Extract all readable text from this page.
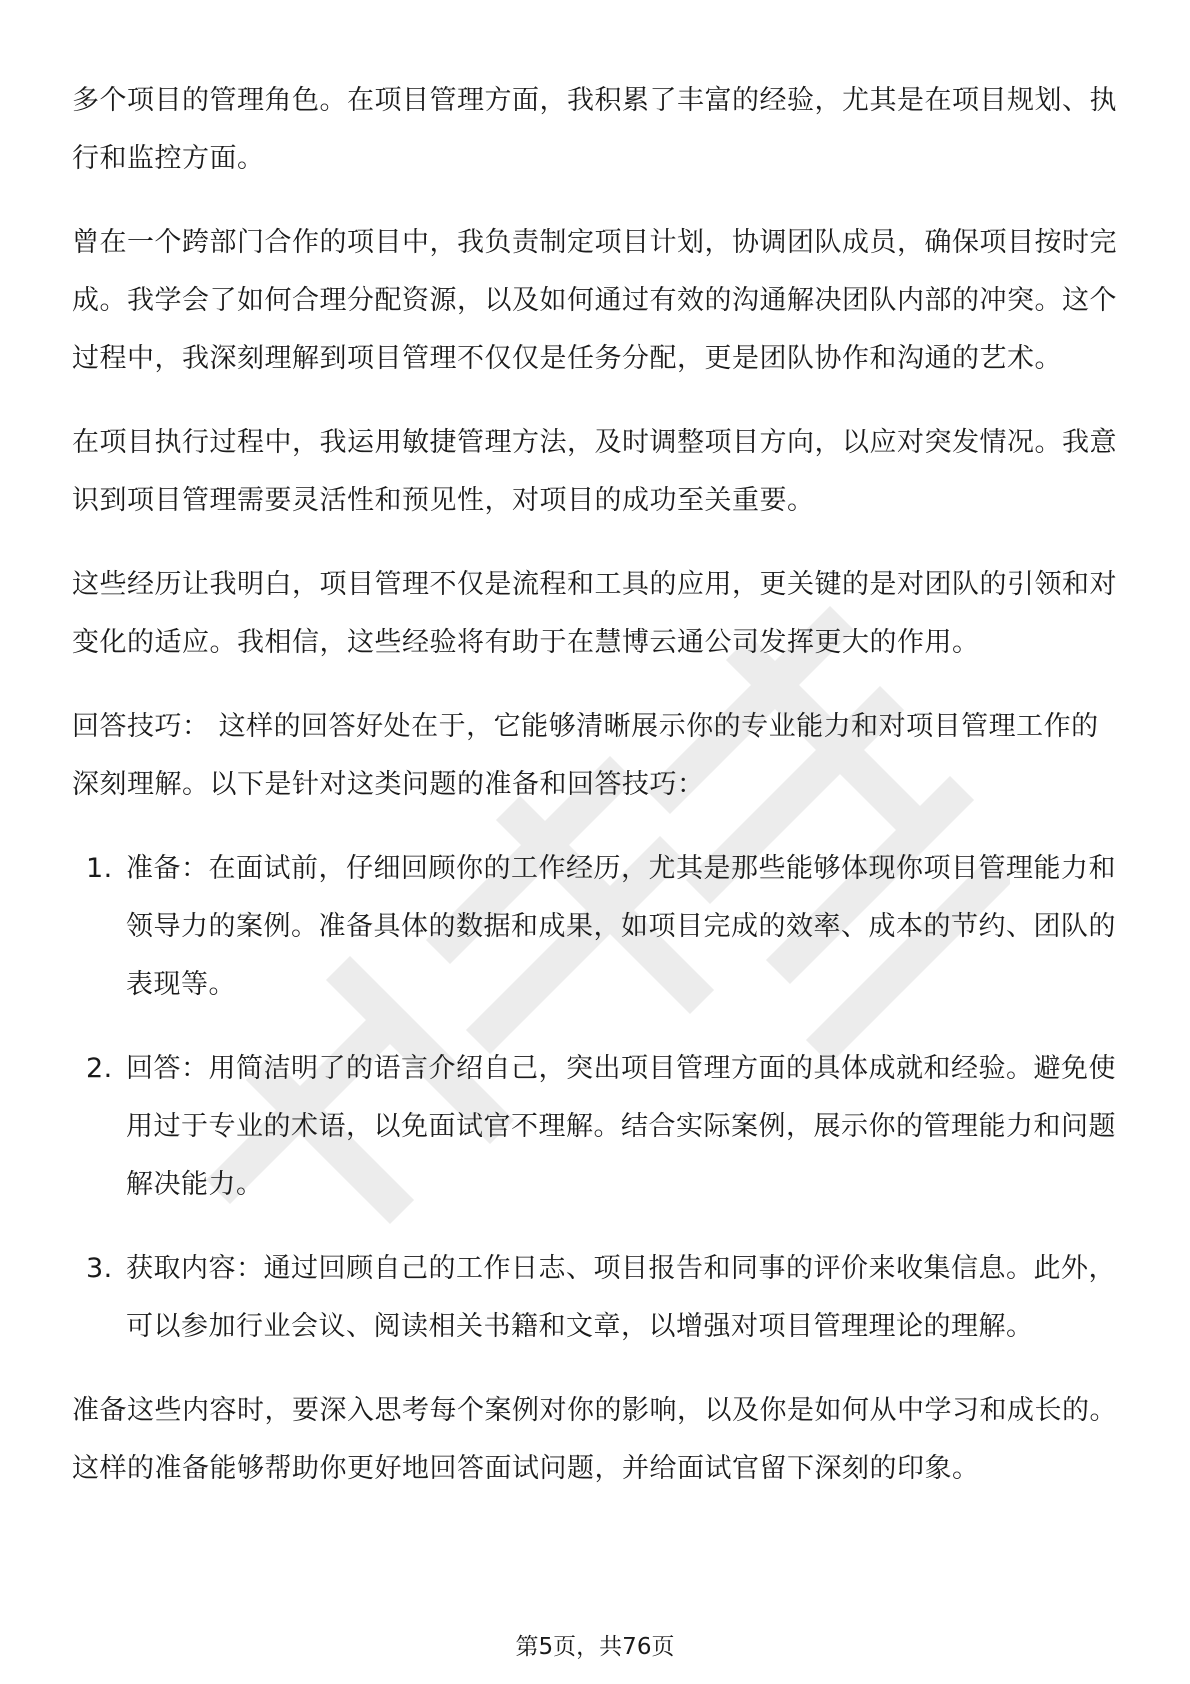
多个项目的管理角色。在项目管理方面，我积累了丰富的经验，尤其是在项目规划、执行和监控方面。

曾在一个跨部门合作的项目中，我负责制定项目计划，协调团队成员，确保项目按时完成。我学会了如何合理分配资源，以及如何通过有效的沟通解决团队内部的冲突。这个过程中，我深刻理解到项目管理不仅仅是任务分配，更是团队协作和沟通的艺术。

在项目执行过程中，我运用敏捷管理方法，及时调整项目方向，以应对突发情况。我意识到项目管理需要灵活性和预见性，对项目的成功至关重要。

这些经历让我明白，项目管理不仅是流程和工具的应用，更关键的是对团队的引领和对变化的适应。我相信，这些经验将有助于在慧博云通公司发挥更大的作用。

回答技巧： 这样的回答好处在于，它能够清晰展示你的专业能力和对项目管理工作的深刻理解。以下是针对这类问题的准备和回答技巧：

1. 准备：在面试前，仔细回顾你的工作经历，尤其是那些能够体现你项目管理能力和领导力的案例。准备具体的数据和成果，如项目完成的效率、成本的节约、团队的表现等。
2. 回答：用简洁明了的语言介绍自己，突出项目管理方面的具体成就和经验。避免使用过于专业的术语，以免面试官不理解。结合实际案例，展示你的管理能力和问题解决能力。
3. 获取内容：通过回顾自己的工作日志、项目报告和同事的评价来收集信息。此外，可以参加行业会议、阅读相关书籍和文章，以增强对项目管理理论的理解。

准备这些内容时，要深入思考每个案例对你的影响，以及你是如何从中学习和成长的。这样的准备能够帮助你更好地回答面试问题，并给面试官留下深刻的印象。

第5页，共76页
